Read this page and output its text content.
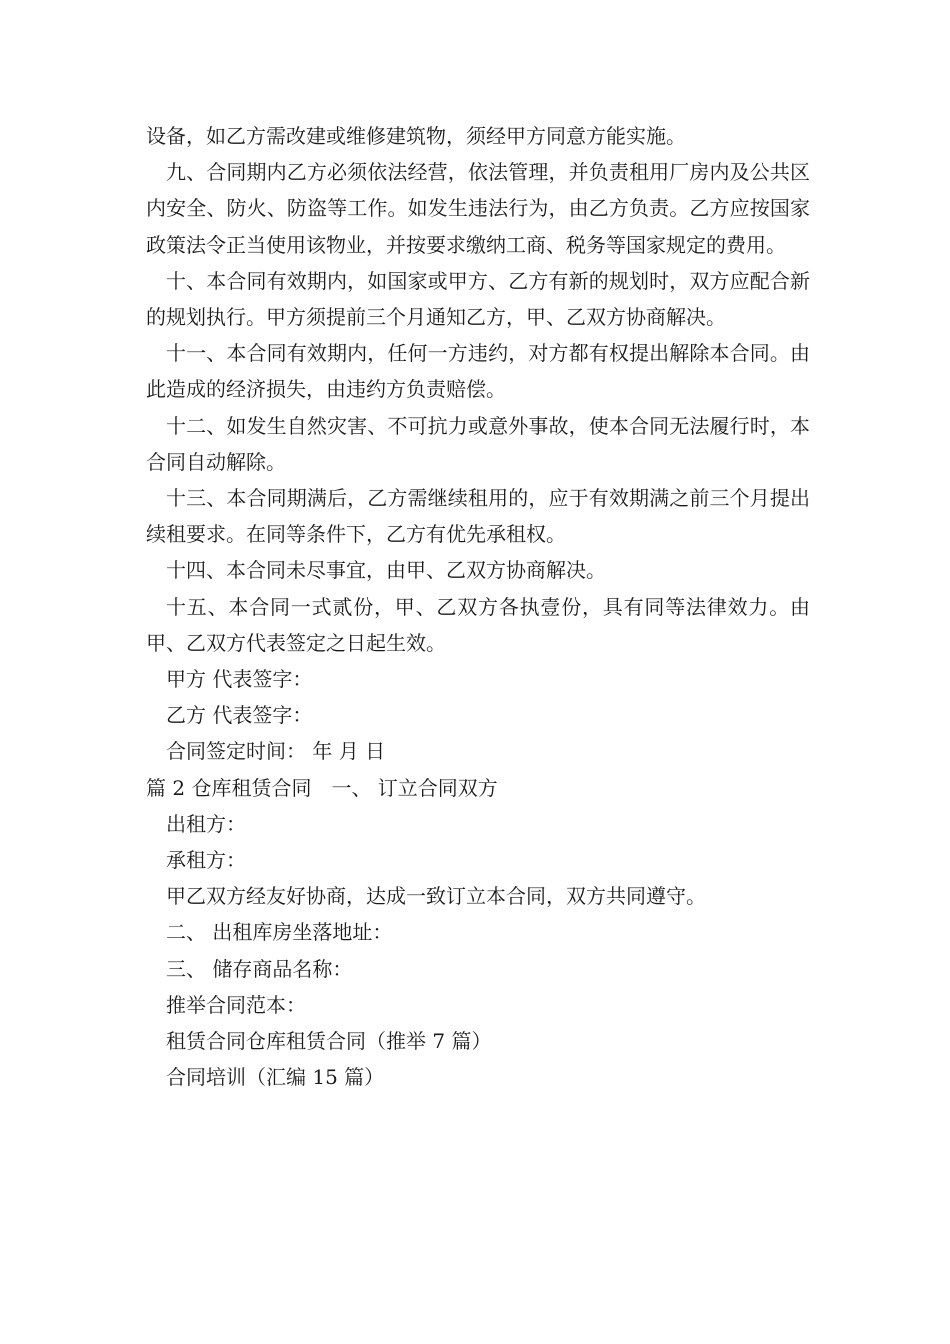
设备，如乙方需改建或维修建筑物，须经甲方同意方能实施。

九、合同期内乙方必须依法经营，依法管理，并负责租用厂房内及公共区内安全、防火、防盗等工作。如发生违法行为，由乙方负责。乙方应按国家政策法令正当使用该物业，并按要求缴纳工商、税务等国家规定的费用。

十、本合同有效期内，如国家或甲方、乙方有新的规划时，双方应配合新的规划执行。甲方须提前三个月通知乙方，甲、乙双方协商解决。

十一、本合同有效期内，任何一方违约，对方都有权提出解除本合同。由此造成的经济损失，由违约方负责赔偿。

十二、如发生自然灾害、不可抗力或意外事故，使本合同无法履行时，本合同自动解除。

十三、本合同期满后，乙方需继续租用的，应于有效期满之前三个月提出续租要求。在同等条件下，乙方有优先承租权。

十四、本合同未尽事宜，由甲、乙双方协商解决。

十五、本合同一式贰份，甲、乙双方各执壹份，具有同等法律效力。由甲、乙双方代表签定之日起生效。

甲方 代表签字：

乙方 代表签字：

合同签定时间： 年 月 日

篇 2 仓库租赁合同　一、 订立合同双方

出租方：

承租方：

甲乙双方经友好协商，达成一致订立本合同，双方共同遵守。

二、 出租库房坐落地址：

三、 储存商品名称：

推举合同范本：

租赁合同仓库租赁合同（推举 7 篇）

合同培训（汇编 15 篇）
